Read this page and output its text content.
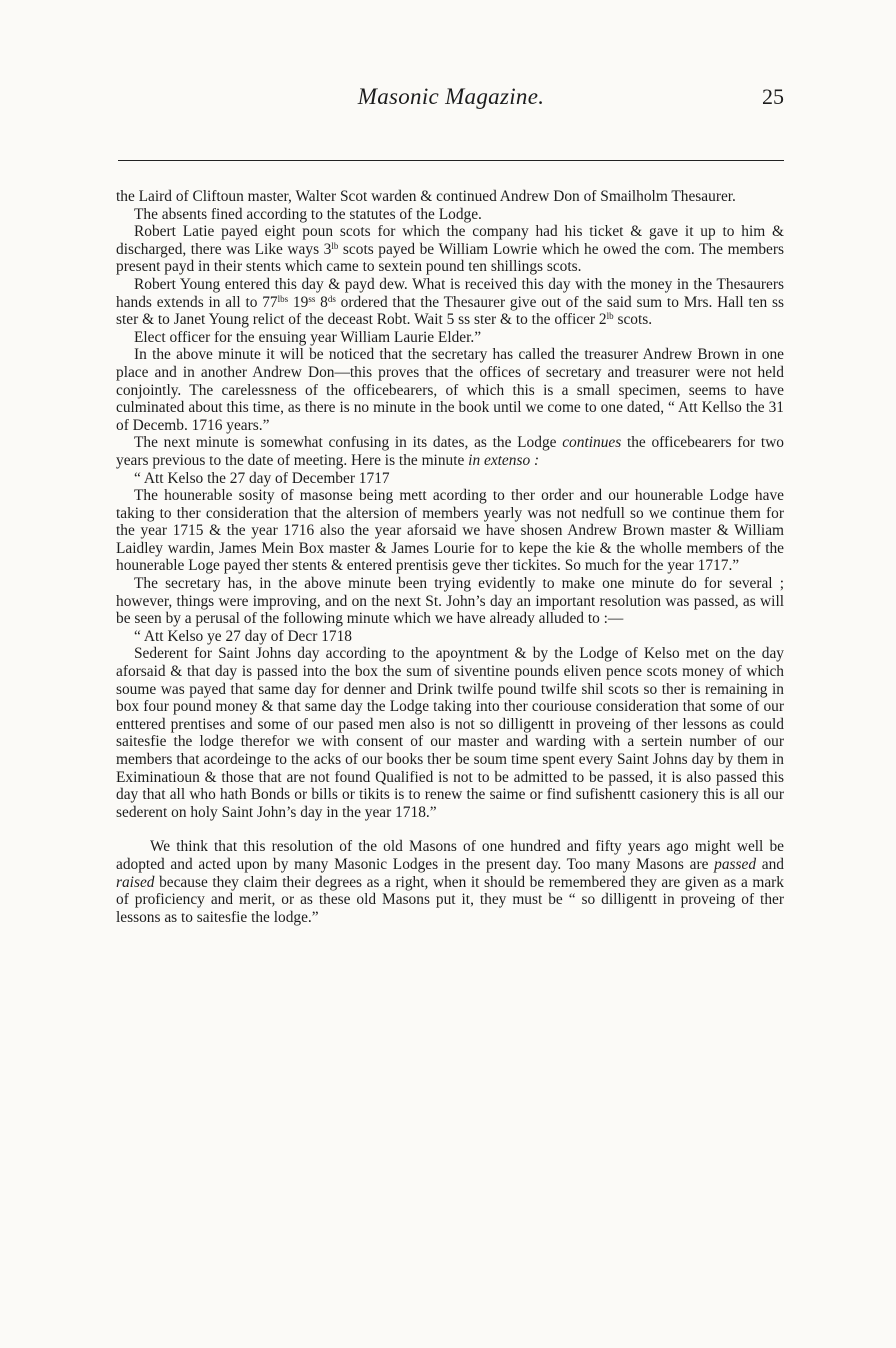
Masonic Magazine.	25

the Laird of Cliftoun master, Walter Scot warden & continued Andrew Don of Smailholm Thesaurer.

The absents fined according to the statutes of the Lodge.

Robert Latie payed eight poun scots for which the company had his ticket & gave it up to him & discharged, there was Like ways $3^{lb}$ scots payed be William Lowrie which he owed the com. The members present payd in their stents which came to sextein pound ten shillings scots.

Robert Young entered this day & payd dew. What is received this day with the money in the Thesaurers hands extends in all to $77^{lbs}$ $19^{ss}$ $8^{ds}$ ordered that the Thesaurer give out of the said sum to Mrs. Hall ten ss ster & to Janet Young relict of the deceast Robt. Wait 5 ss ster & to the officer $2^{lb}$ scots.

Elect officer for the ensuing year William Laurie Elder.”

In the above minute it will be noticed that the secretary has called the treasurer Andrew Brown in one place and in another Andrew Don—this proves that the offices of secretary and treasurer were not held conjointly. The carelessness of the officebearers, of which this is a small specimen, seems to have culminated about this time, as there is no minute in the book until we come to one dated, “ Att Kellso the 31 of Decemb. 1716 years.”

The next minute is somewhat confusing in its dates, as the Lodge continues the officebearers for two years previous to the date of meeting. Here is the minute in extenso :

“ Att Kelso the 27 day of December 1717

The hounerable sosity of masonse being mett acording to ther order and our hounerable Lodge have taking to ther consideration that the altersion of members yearly was not nedfull so we continue them for the year 1715 & the year 1716 also the year aforsaid we have shosen Andrew Brown master & William Laidley wardin, James Mein Box master & James Lourie for to kepe the kie & the wholle members of the hounerable Loge payed ther stents & entered prentisis geve ther tickites. So much for the year 1717.”

The secretary has, in the above minute been trying evidently to make one minute do for several ; however, things were improving, and on the next St. John’s day an important resolution was passed, as will be seen by a perusal of the following minute which we have already alluded to :—

“ Att Kelso ye 27 day of Decr 1718

Sederent for Saint Johns day according to the apoyntment & by the Lodge of Kelso met on the day aforsaid & that day is passed into the box the sum of siventine pounds eliven pence scots money of which soume was payed that same day for denner and Drink twilfe pound twilfe shil scots so ther is remaining in box four pound money & that same day the Lodge taking into ther couriouse consideration that some of our enttered prentises and some of our pased men also is not so dilligentt in proveing of ther lessons as could saitesfie the lodge therefor we with consent of our master and warding with a sertein number of our members that acordeinge to the acks of our books ther be soum time spent every Saint Johns day by them in Eximinatioun & those that are not found Qualified is not to be admitted to be passed, it is also passed this day that all who hath Bonds or bills or tikits is to renew the saime or find sufishentt casionery this is all our sederent on holy Saint John’s day in the year 1718.”

We think that this resolution of the old Masons of one hundred and fifty years ago might well be adopted and acted upon by many Masonic Lodges in the present day. Too many Masons are passed and raised because they claim their degrees as a right, when it should be remembered they are given as a mark of proficiency and merit, or as these old Masons put it, they must be “ so dilligentt in proveing of ther lessons as to saitesfie the lodge.”
